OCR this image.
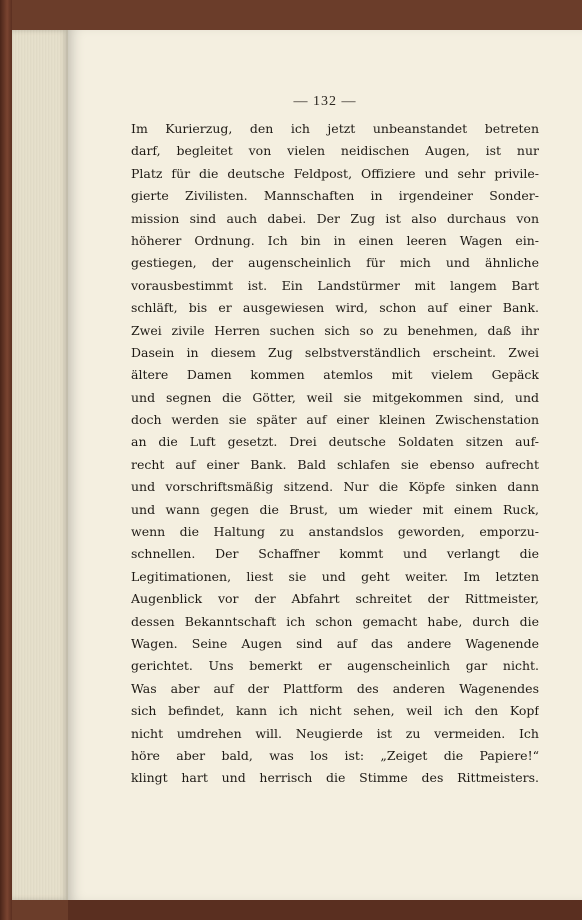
— 132 —
Im Kurierzug, den ich jetzt unbeanstandet betreten
darf, begleitet von vielen neidischen Augen, ist nur
Platz für die deutsche Feldpost, Offiziere und sehr privile-
gierte Zivilisten. Mannschaften in irgendeiner Sonder-
mission sind auch dabei. Der Zug ist also durchaus von
höherer Ordnung. Ich bin in einen leeren Wagen ein-
gestiegen, der augenscheinlich für mich und ähnliche
vorausbestimmt ist. Ein Landstürmer mit langem Bart
schläft, bis er ausgewiesen wird, schon auf einer Bank.
Zwei zivile Herren suchen sich so zu benehmen, daß ihr
Dasein in diesem Zug selbstverständlich erscheint. Zwei
ältere Damen kommen atemlos mit vielem Gepäck
und segnen die Götter, weil sie mitgekommen sind, und
doch werden sie später auf einer kleinen Zwischenstation
an die Luft gesetzt. Drei deutsche Soldaten sitzen auf-
recht auf einer Bank. Bald schlafen sie ebenso aufrecht
und vorschriftsmäßig sitzend. Nur die Köpfe sinken dann
und wann gegen die Brust, um wieder mit einem Ruck,
wenn die Haltung zu anstandslos geworden, emporzu-
schnellen. Der Schaffner kommt und verlangt die
Legitimationen, liest sie und geht weiter. Im letzten
Augenblick vor der Abfahrt schreitet der Rittmeister,
dessen Bekanntschaft ich schon gemacht habe, durch die
Wagen. Seine Augen sind auf das andere Wagenende
gerichtet. Uns bemerkt er augenscheinlich gar nicht.
Was aber auf der Plattform des anderen Wagenendes
sich befindet, kann ich nicht sehen, weil ich den Kopf
nicht umdrehen will. Neugierde ist zu vermeiden. Ich
höre aber bald, was los ist: „Zeiget die Papiere!“
klingt hart und herrisch die Stimme des Rittmeisters.
